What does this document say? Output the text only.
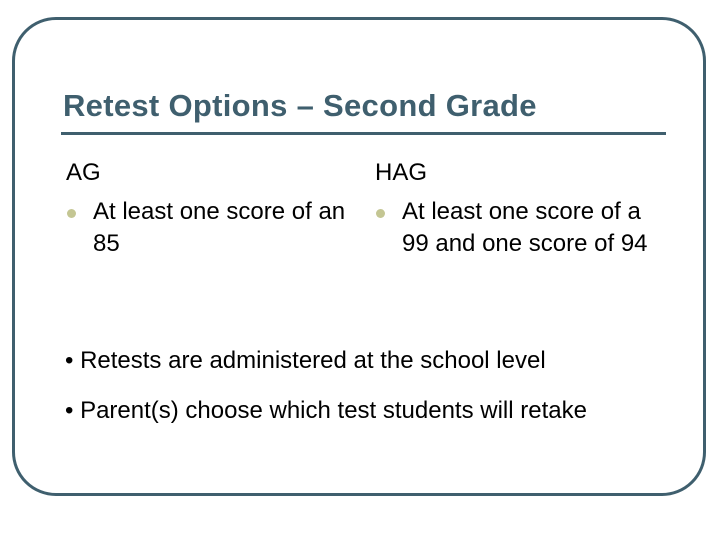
Retest Options – Second Grade
AG
At least one score of an 85
HAG
At least one score of a 99 and one score of 94
• Retests are administered at the school level
• Parent(s) choose which test students will retake
